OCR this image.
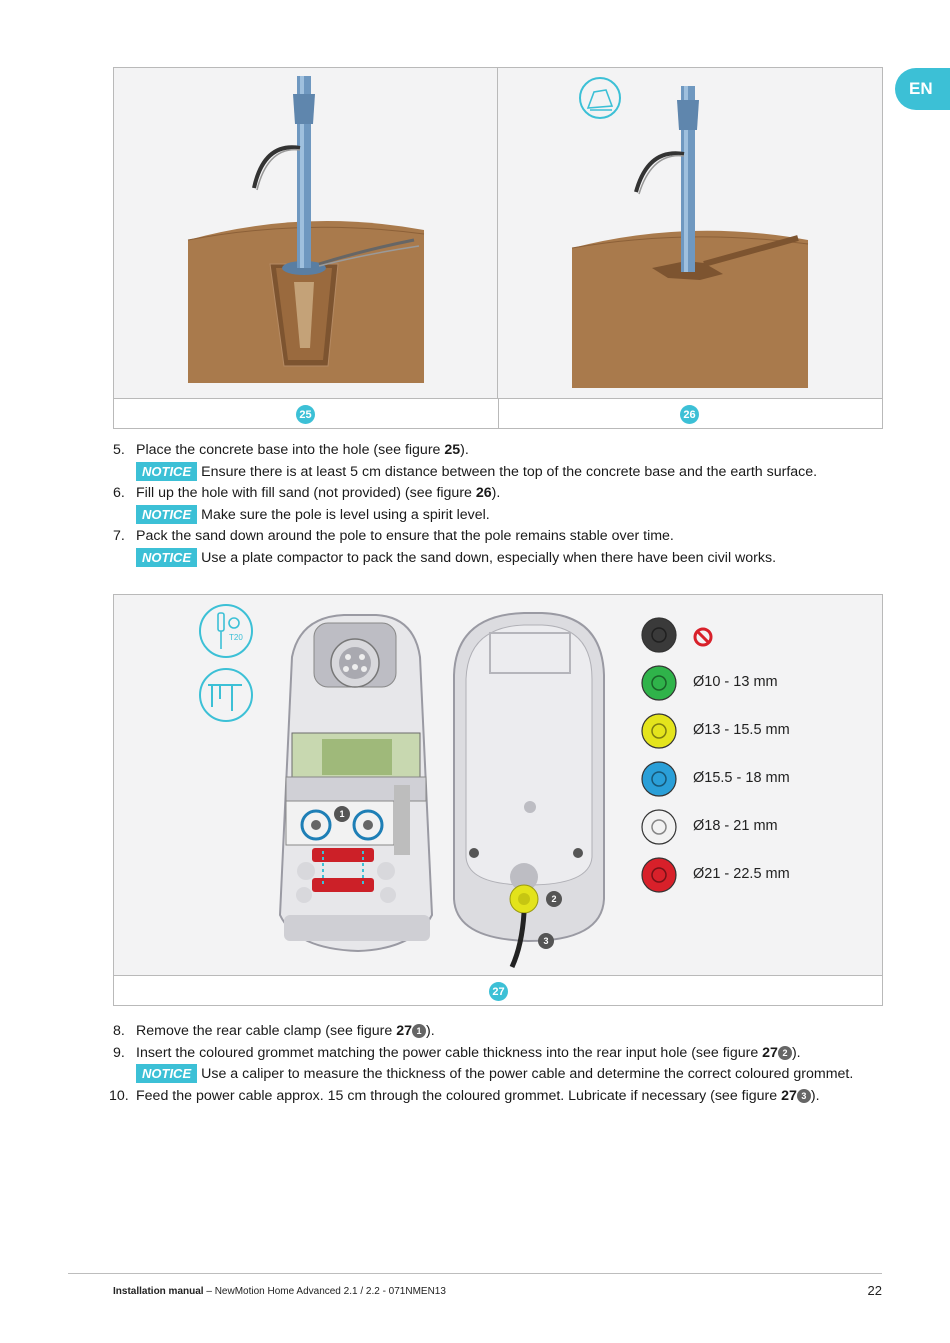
EN
25	26
5. Place the concrete base into the hole (see figure 25).
NOTICE Ensure there is at least 5 cm distance between the top of the concrete base and the earth surface.
6. Fill up the hole with fill sand (not provided) (see figure 26).
NOTICE Make sure the pole is level using a spirit level.
7. Pack the sand down around the pole to ensure that the pole remains stable over time.
NOTICE Use a plate compactor to pack the sand down, especially when there have been civil works.
T20
1
2
3
Ø10 - 13 mm
Ø13 - 15.5 mm
Ø15.5 - 18 mm
Ø18 - 21 mm
Ø21 - 22.5 mm
27
8. Remove the rear cable clamp (see figure 27 1 ).
9. Insert the coloured grommet matching the power cable thickness into the rear input hole (see figure 27 2 ).
NOTICE Use a caliper to measure the thickness of the power cable and determine the correct coloured grommet.
10. Feed the power cable approx. 15 cm through the coloured grommet. Lubricate if necessary (see figure 27 3 ).
Installation manual – NewMotion Home Advanced 2.1 / 2.2 - 071NMEN13	22
